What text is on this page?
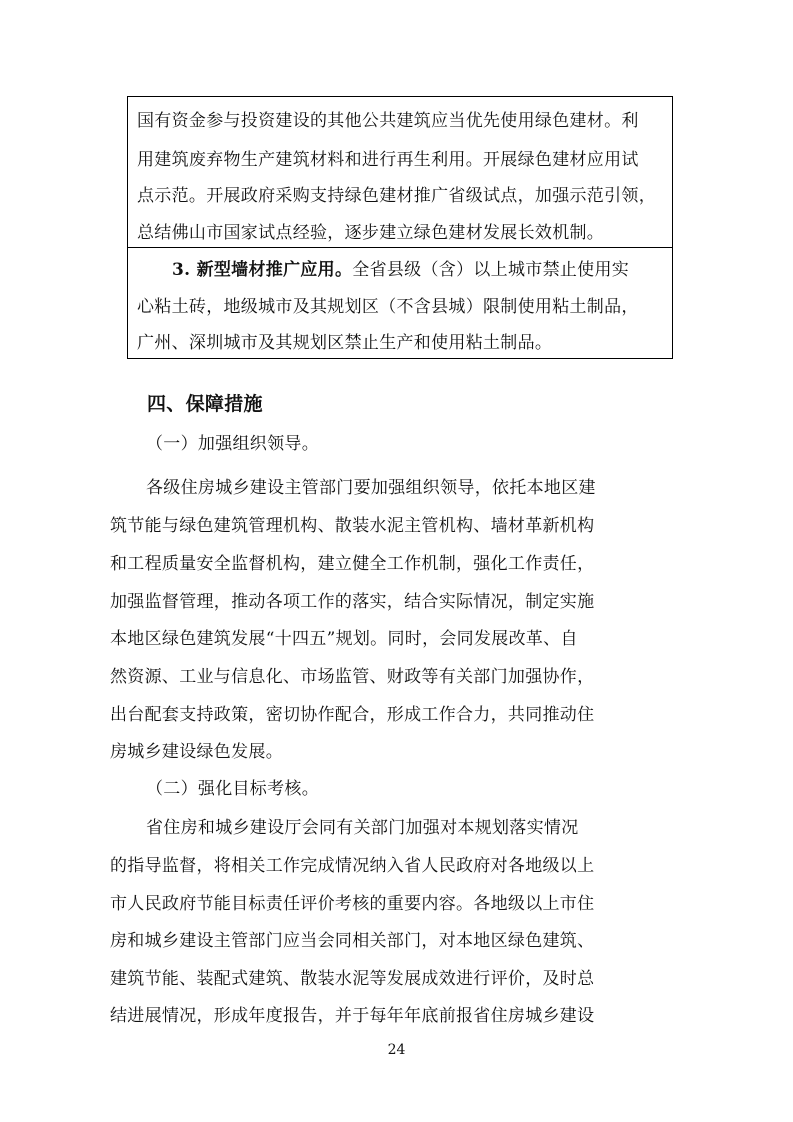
国有资金参与投资建设的其他公共建筑应当优先使用绿色建材。利
用建筑废弃物生产建筑材料和进行再生利用。开展绿色建材应用试
点示范。开展政府采购支持绿色建材推广省级试点，加强示范引领，
总结佛山市国家试点经验，逐步建立绿色建材发展长效机制。
3. 新型墙材推广应用。全省县级（含）以上城市禁止使用实
心粘土砖，地级城市及其规划区（不含县城）限制使用粘土制品，
广州、深圳城市及其规划区禁止生产和使用粘土制品。
四、保障措施
（一）加强组织领导。
各级住房城乡建设主管部门要加强组织领导，依托本地区建
筑节能与绿色建筑管理机构、散装水泥主管机构、墙材革新机构
和工程质量安全监督机构，建立健全工作机制，强化工作责任，
加强监督管理，推动各项工作的落实，结合实际情况，制定实施
本地区绿色建筑发展“十四五”规划。同时，会同发展改革、自
然资源、工业与信息化、市场监管、财政等有关部门加强协作，
出台配套支持政策，密切协作配合，形成工作合力，共同推动住
房城乡建设绿色发展。
（二）强化目标考核。
省住房和城乡建设厅会同有关部门加强对本规划落实情况
的指导监督，将相关工作完成情况纳入省人民政府对各地级以上
市人民政府节能目标责任评价考核的重要内容。各地级以上市住
房和城乡建设主管部门应当会同相关部门，对本地区绿色建筑、
建筑节能、装配式建筑、散装水泥等发展成效进行评价，及时总
结进展情况，形成年度报告，并于每年年底前报省住房城乡建设
24
